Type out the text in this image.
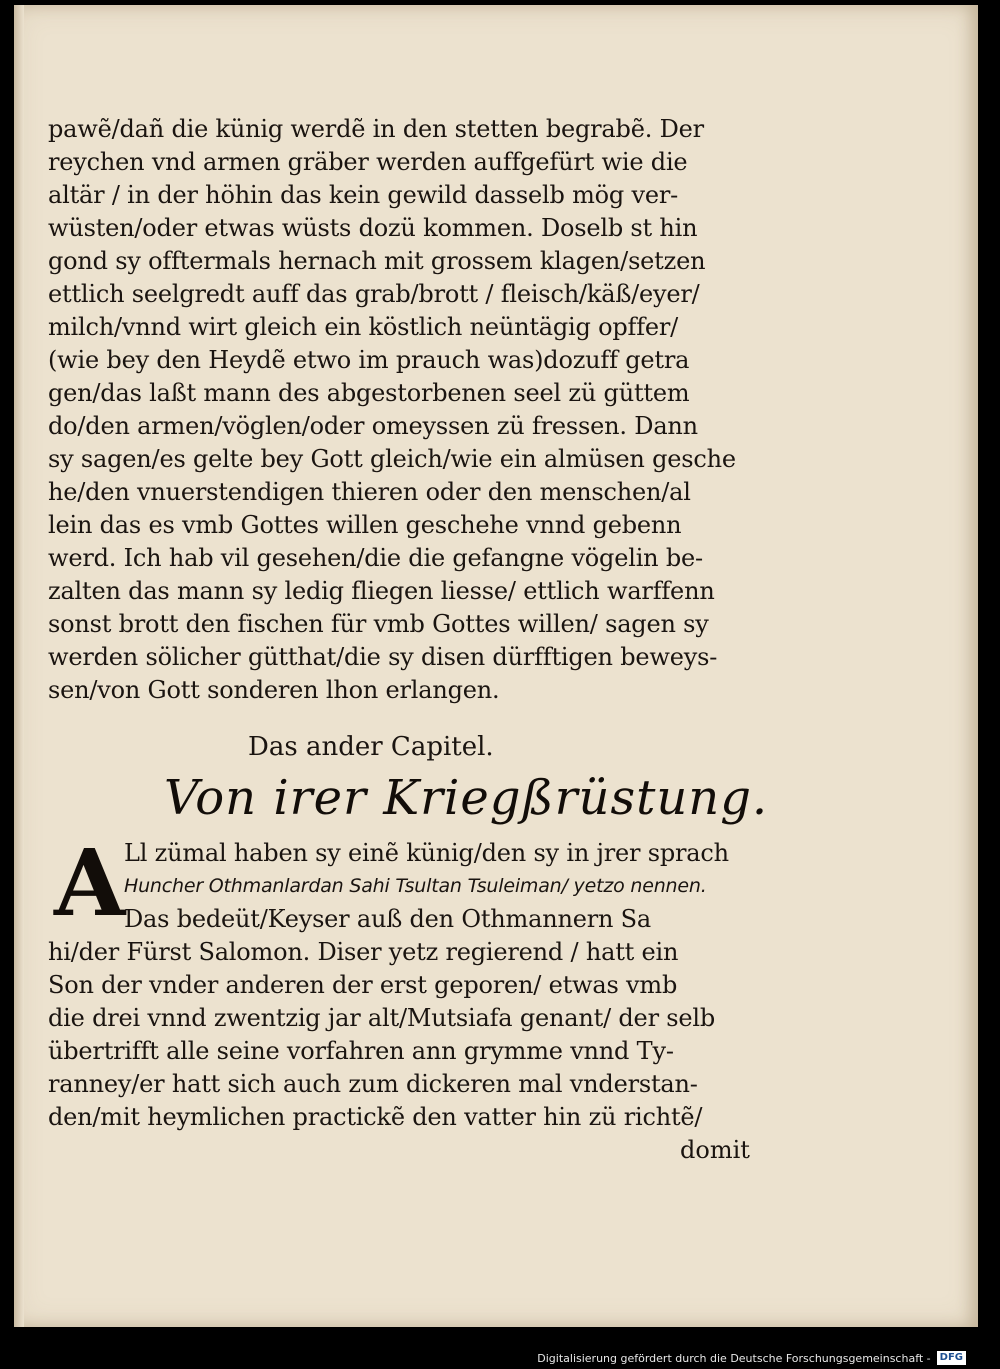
pawẽ/dañ die künig werdẽ in den stetten begrabẽ. Der
reychen vnd armen gräber werden auffgefürt wie die
altär / in der höhin das kein gewild dasselb mög ver-
wüsten/oder etwas wüsts dozü kommen. Doselb st hin
gond sy offtermals hernach mit grossem klagen/setzen
ettlich seelgredt auff das grab/brott / fleisch/käß/eyer/
milch/vnnd wirt gleich ein köstlich neüntägig opffer/
(wie bey den Heydẽ etwo im prauch was)dozuff getra
gen/das laßt mann des abgestorbenen seel zü güttem
do/den armen/vöglen/oder omeyssen zü fressen. Dann
sy sagen/es gelte bey Gott gleich/wie ein almüsen gesche
he/den vnuerstendigen thieren oder den menschen/al
lein das es vmb Gottes willen geschehe vnnd gebenn
werd. Ich hab vil gesehen/die die gefangne vögelin be-
zalten das mann sy ledig fliegen liesse/ ettlich warffenn
sonst brott den fischen für vmb Gottes willen/ sagen sy
werden sölicher gütthat/die sy disen dürfftigen beweys-
sen/von Gott sonderen lhon erlangen.
Das ander Capitel.
Von irer Kriegßrüstung.
A
Ll zümal haben sy einẽ künig/den sy in jrer sprach
Huncher Othmanlardan Sahi Tsultan Tsuleiman/ yetzo nennen.
Das bedeüt/Keyser auß den Othmannern Sa
hi/der Fürst Salomon. Diser yetz regierend / hatt ein
Son der vnder anderen der erst geporen/ etwas vmb
die drei vnnd zwentzig jar alt/Mutsiafa genant/ der selb
übertrifft alle seine vorfahren ann grymme vnnd Ty-
ranney/er hatt sich auch zum dickeren mal vnderstan-
den/mit heymlichen practickẽ den vatter hin zü richtẽ/
domit
Digitalisierung gefördert durch die Deutsche Forschungsgemeinschaft - DFG
